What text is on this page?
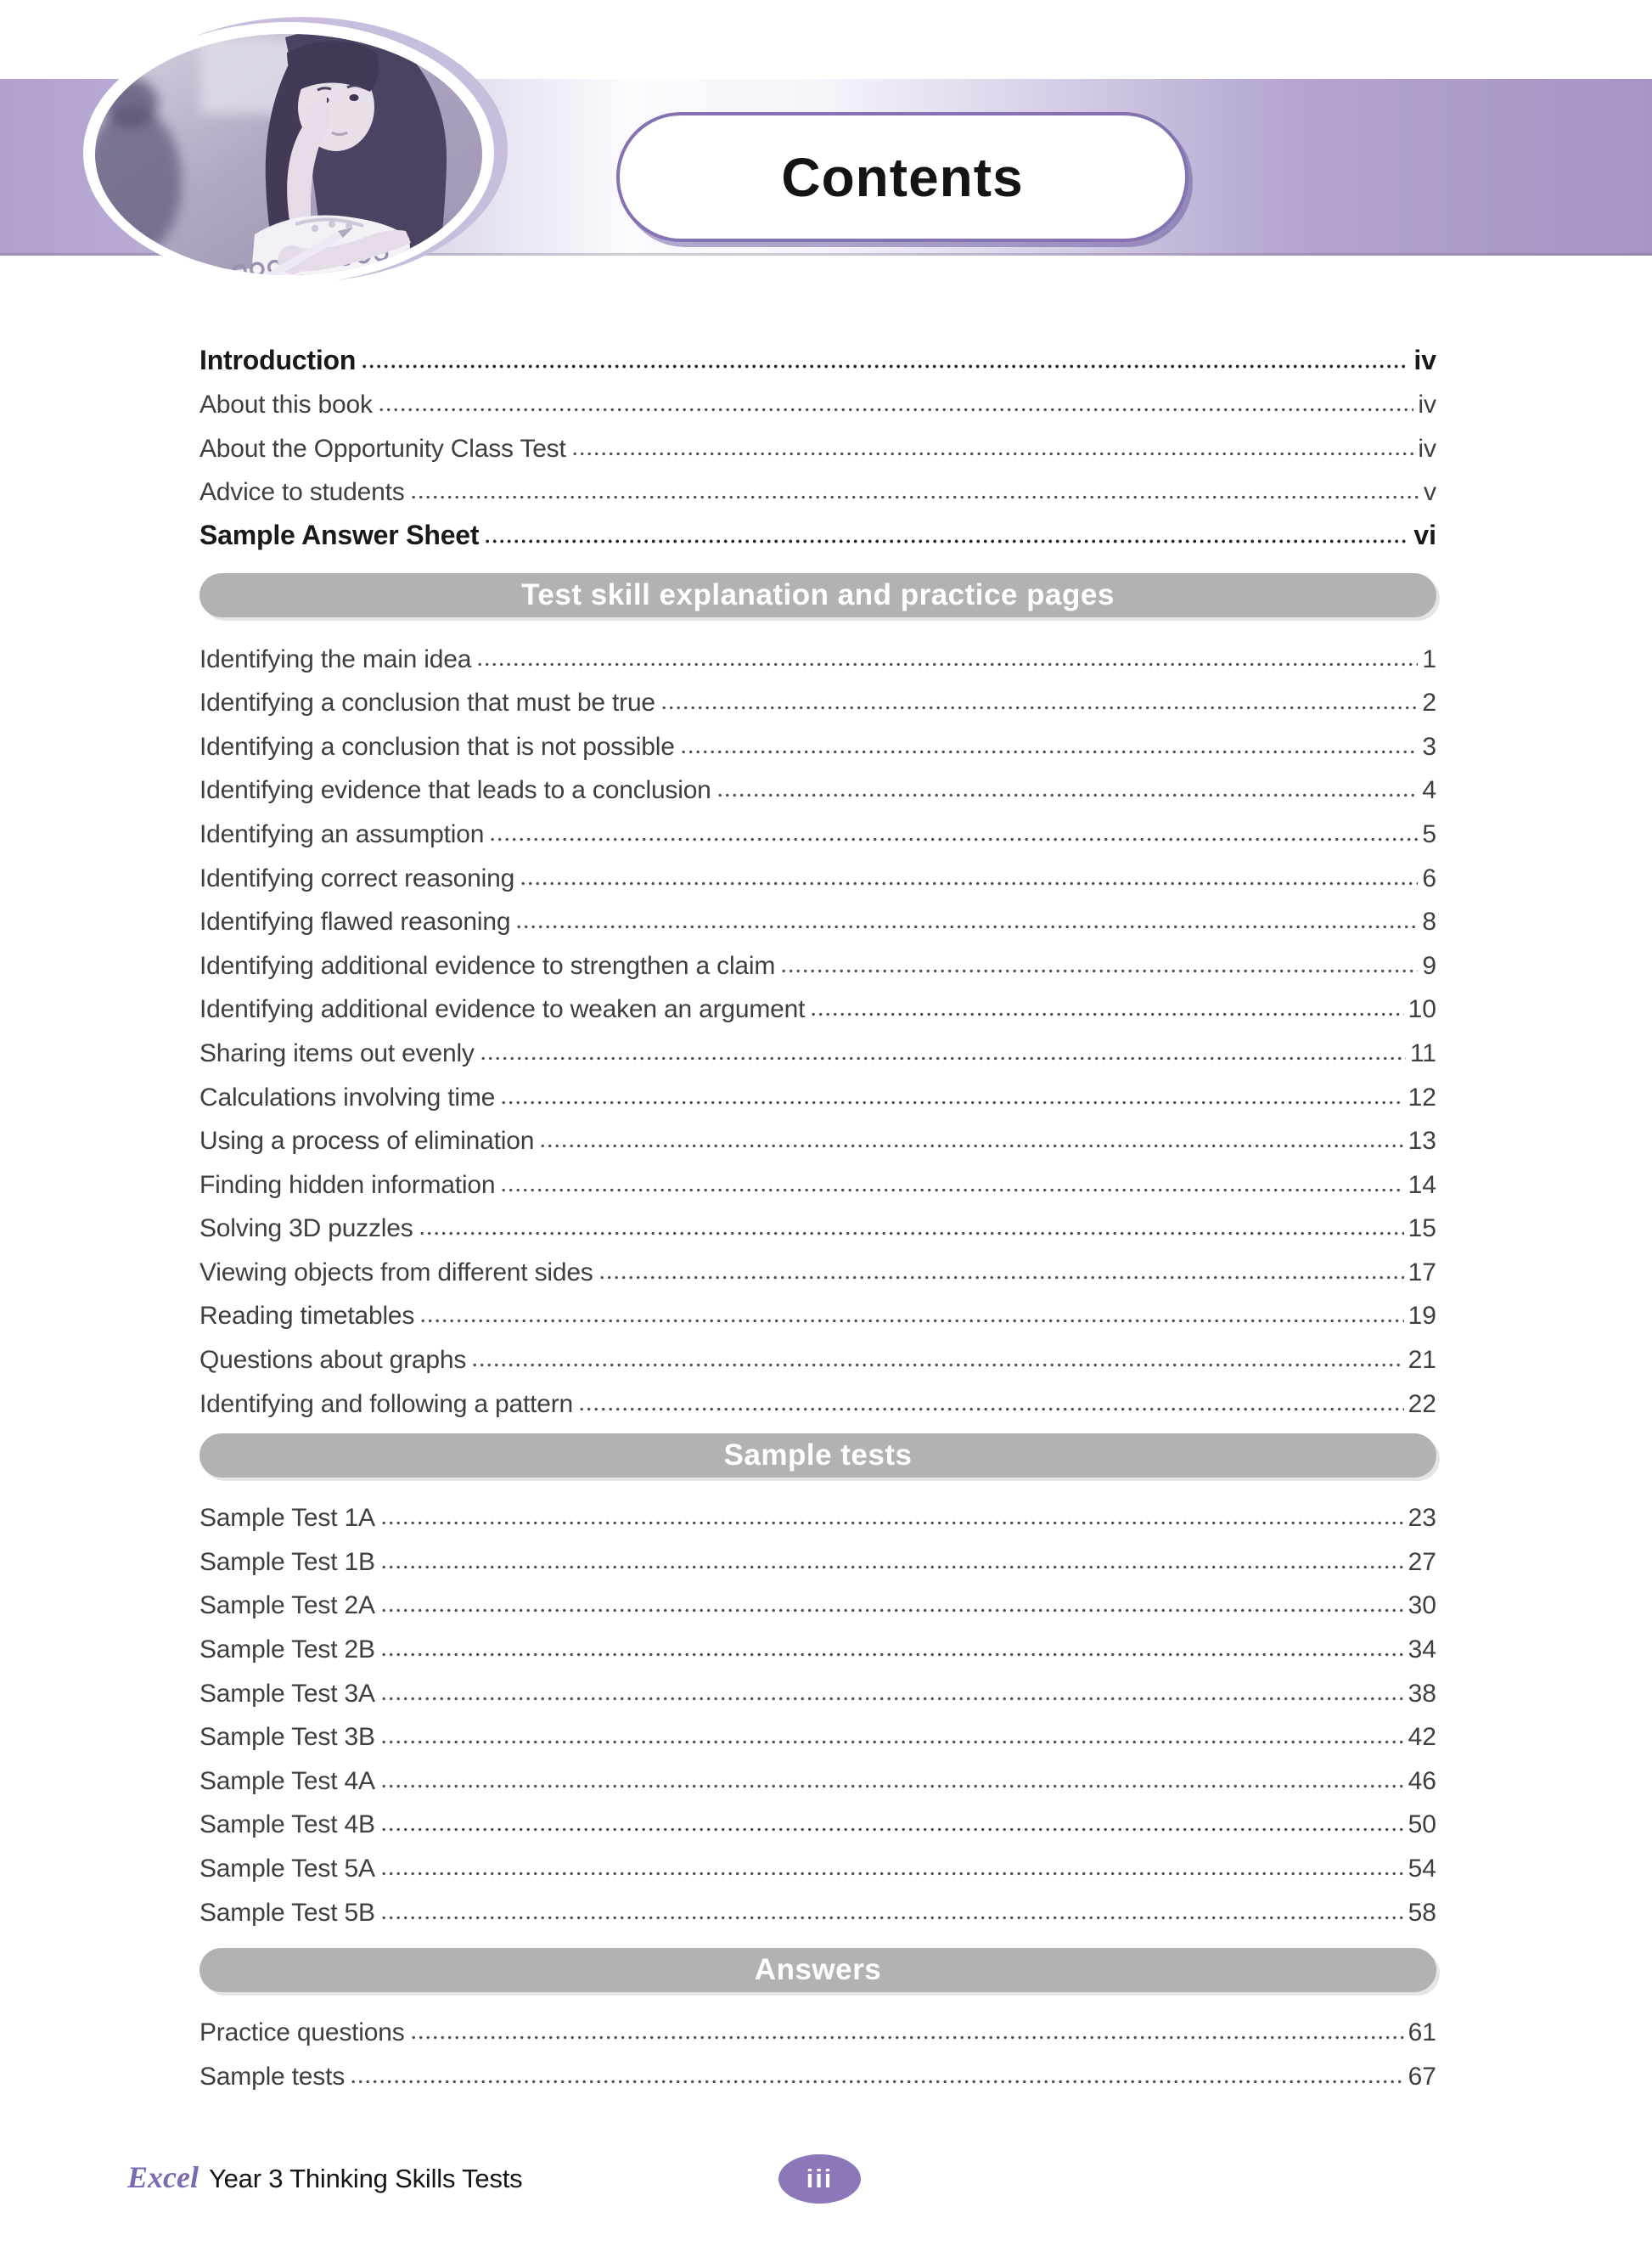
Contents
Introduction	iv
About this book	iv
About the Opportunity Class Test	iv
Advice to students	v
Sample Answer Sheet	vi
Test skill explanation and practice pages
Identifying the main idea	1
Identifying a conclusion that must be true	2
Identifying a conclusion that is not possible	3
Identifying evidence that leads to a conclusion	4
Identifying an assumption	5
Identifying correct reasoning	6
Identifying flawed reasoning	8
Identifying additional evidence to strengthen a claim	9
Identifying additional evidence to weaken an argument	10
Sharing items out evenly	11
Calculations involving time	12
Using a process of elimination	13
Finding hidden information	14
Solving 3D puzzles	15
Viewing objects from different sides	17
Reading timetables	19
Questions about graphs	21
Identifying and following a pattern	22
Sample tests
Sample Test 1A	23
Sample Test 1B	27
Sample Test 2A	30
Sample Test 2B	34
Sample Test 3A	38
Sample Test 3B	42
Sample Test 4A	46
Sample Test 4B	50
Sample Test 5A	54
Sample Test 5B	58
Answers
Practice questions	61
Sample tests	67
Excel Year 3 Thinking Skills Tests	iii
